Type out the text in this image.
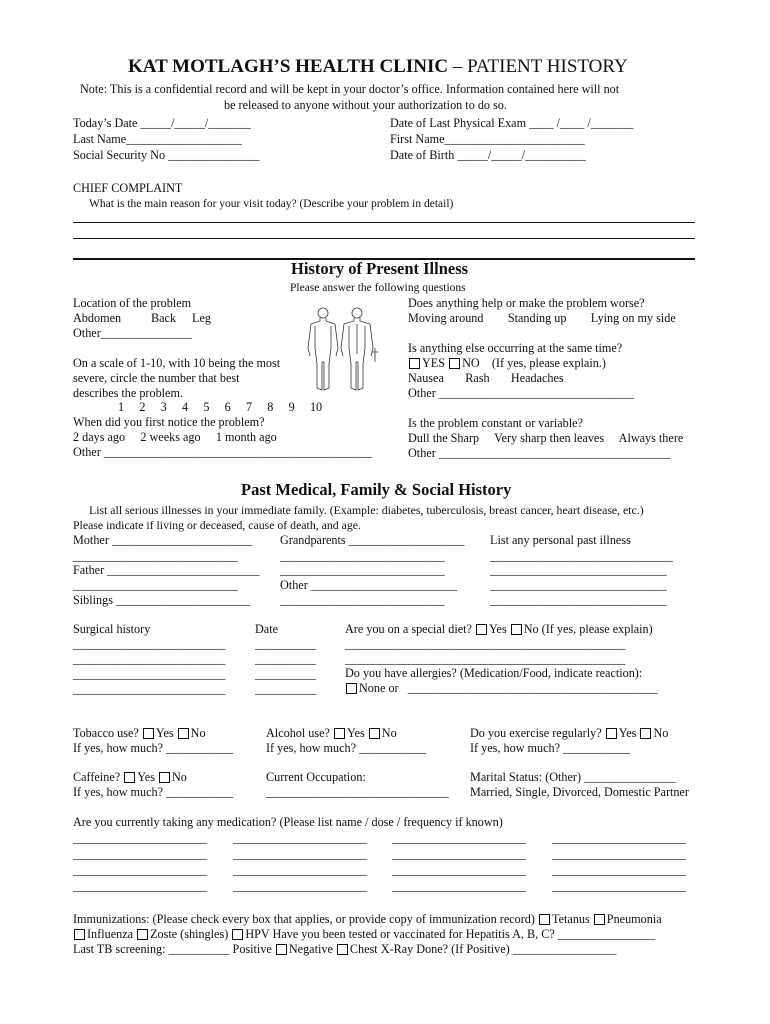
KAT MOTLAGH’S HEALTH CLINIC – PATIENT HISTORY
Note: This is a confidential record and will be kept in your doctor’s office. Information contained here will not
be released to anyone without your authorization to do so.
Today’s Date _____/_____/_______
Last Name___________________
Social Security No _______________
Date of Last Physical Exam ____ /____ /_______
First Name_______________________
Date of Birth _____/_____/__________
CHIEF COMPLAINT
What is the main reason for your visit today? (Describe your problem in detail)
History of Present Illness
Please answer the following questions
Location of the problem
Abdomen Back Leg
Other_______________
On a scale of 1-10, with 10 being the most
severe, circle the number that best
describes the problem.
1     2     3     4     5     6     7     8     9     10
When did you first notice the problem?
2 days ago     2 weeks ago     1 month ago
Other ____________________________________________
Does anything help or make the problem worse?
Moving around        Standing up        Lying on my side
Is anything else occurring at the same time?
YES NO (If yes, please explain.)
Nausea       Rash       Headaches
Other ________________________________
Is the problem constant or variable?
Dull the Sharp     Very sharp then leaves     Always there
Other ______________________________________
Past Medical, Family & Social History
List all serious illnesses in your immediate family. (Example: diabetes, tuberculosis, breast cancer, heart disease, etc.)
Please indicate if living or deceased, cause of death, and age.
Mother _______________________ Grandparents ___________________ List any personal past illness
___________________________	___________________________	______________________________
Father _________________________ ___________________________	_____________________________
___________________________	Other ________________________	_____________________________
Siblings ______________________ ___________________________	_____________________________
Surgical history	Date	Are you on a special diet? Yes No (If yes, please explain)
_________________________ __________ ______________________________________________
_________________________ __________ ______________________________________________
_________________________ __________ Do you have allergies? (Medication/Food, indicate reaction):
_________________________ __________	None or _________________________________________
Tobacco use? Yes No
If yes, how much? ___________
Alcohol use? Yes No
If yes, how much? ___________
Do you exercise regularly? Yes No
If yes, how much? ___________
Caffeine? Yes No
If yes, how much? ___________
Current Occupation:
______________________________
Marital Status: (Other) _______________
Married, Single, Divorced, Domestic Partner
Are you currently taking any medication? (Please list name / dose / frequency if known)
______________________ ______________________ ______________________ ______________________
______________________ ______________________ ______________________ ______________________
______________________ ______________________ ______________________ ______________________
______________________ ______________________ ______________________ ______________________
Immunizations: (Please check every box that applies, or provide copy of immunization record) Tetanus Pneumonia
Influenza Zoste (shingles) HPV Have you been tested or vaccinated for Hepatitis A, B, C? ________________
Last TB screening: __________ Positive Negative Chest X-Ray Done? (If Positive) _________________
